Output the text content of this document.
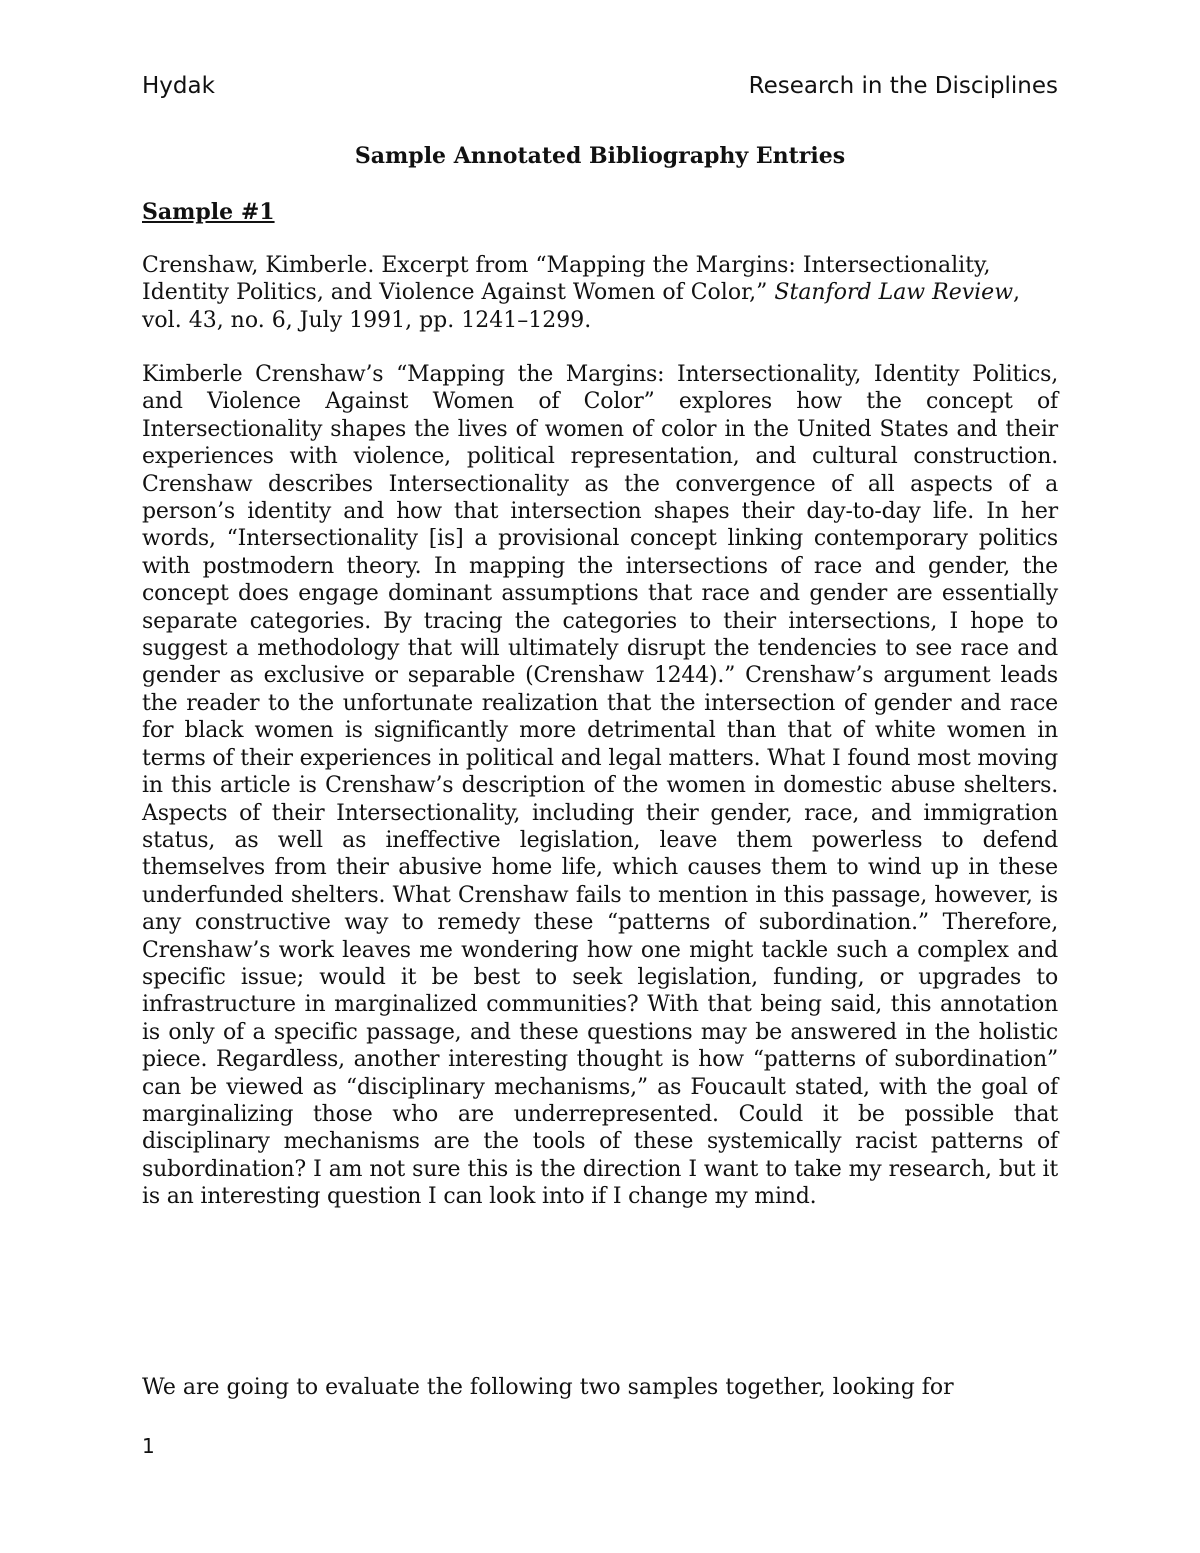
Hydak	Research in the Disciplines
Sample Annotated Bibliography Entries
Sample #1
Crenshaw, Kimberle. Excerpt from “Mapping the Margins: Intersectionality, Identity Politics, and Violence Against Women of Color,” Stanford Law Review, vol. 43, no. 6, July 1991, pp. 1241–1299.
Kimberle Crenshaw’s “Mapping the Margins: Intersectionality, Identity Politics, and Violence Against Women of Color” explores how the concept of Intersectionality shapes the lives of women of color in the United States and their experiences with violence, political representation, and cultural construction. Crenshaw describes Intersectionality as the convergence of all aspects of a person’s identity and how that intersection shapes their day-to-day life. In her words, “Intersectionality [is] a provisional concept linking contemporary politics with postmodern theory. In mapping the intersections of race and gender, the concept does engage dominant assumptions that race and gender are essentially separate categories. By tracing the categories to their intersections, I hope to suggest a methodology that will ultimately disrupt the tendencies to see race and gender as exclusive or separable (Crenshaw 1244).” Crenshaw’s argument leads the reader to the unfortunate realization that the intersection of gender and race for black women is significantly more detrimental than that of white women in terms of their experiences in political and legal matters. What I found most moving in this article is Crenshaw’s description of the women in domestic abuse shelters. Aspects of their Intersectionality, including their gender, race, and immigration status, as well as ineffective legislation, leave them powerless to defend themselves from their abusive home life, which causes them to wind up in these underfunded shelters. What Crenshaw fails to mention in this passage, however, is any constructive way to remedy these “patterns of subordination.” Therefore, Crenshaw’s work leaves me wondering how one might tackle such a complex and specific issue; would it be best to seek legislation, funding, or upgrades to infrastructure in marginalized communities? With that being said, this annotation is only of a specific passage, and these questions may be answered in the holistic piece. Regardless, another interesting thought is how “patterns of subordination” can be viewed as “disciplinary mechanisms,” as Foucault stated, with the goal of marginalizing those who are underrepresented. Could it be possible that disciplinary mechanisms are the tools of these systemically racist patterns of subordination? I am not sure this is the direction I want to take my research, but it is an interesting question I can look into if I change my mind.
We are going to evaluate the following two samples together, looking for
1
